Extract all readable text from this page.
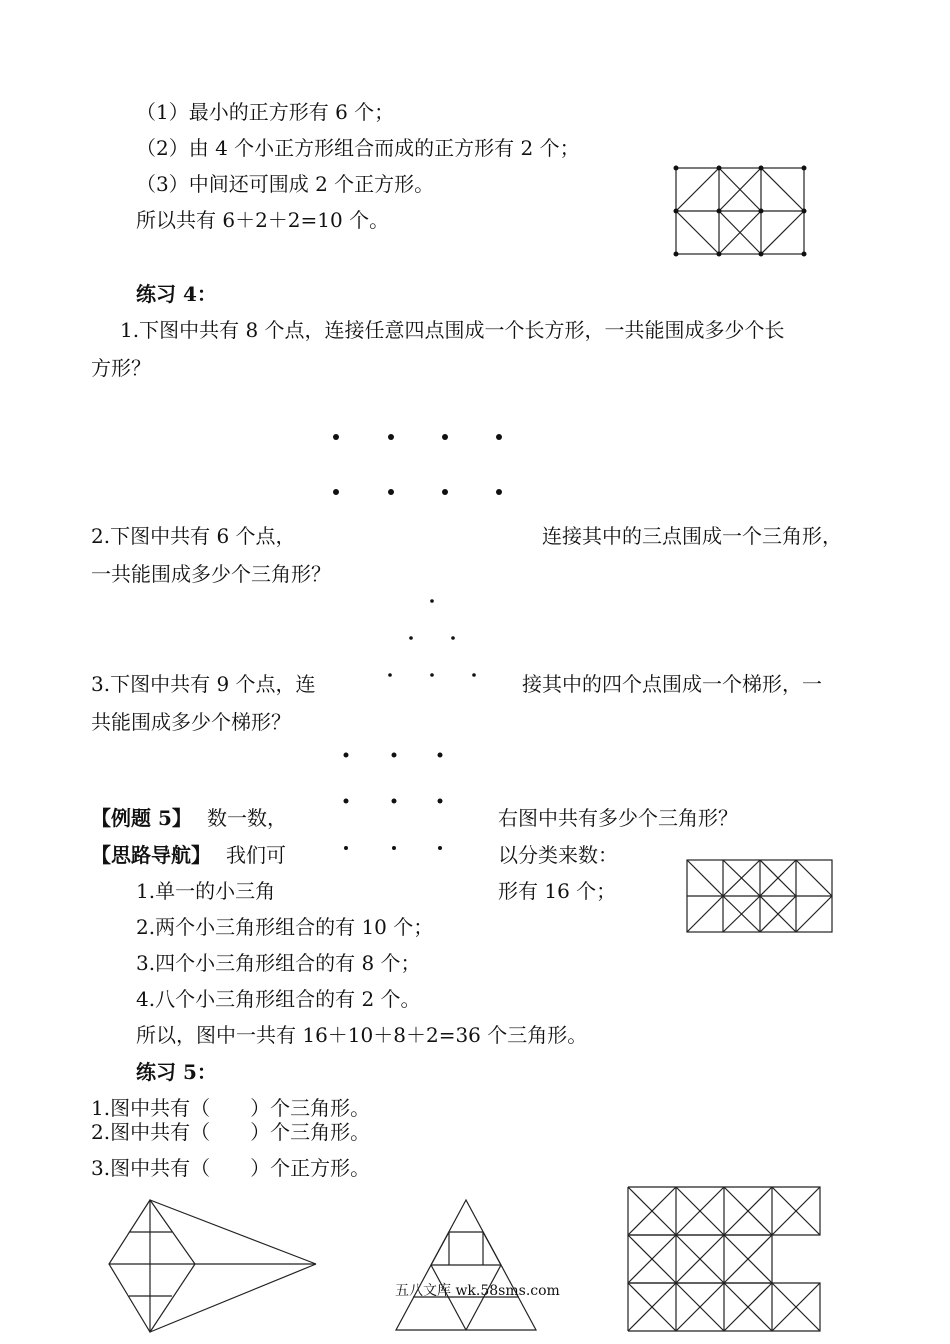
（1）最小的正方形有 6 个；
（2）由 4 个小正方形组合而成的正方形有 2 个；
（3）中间还可围成 2 个正方形。
所以共有 6＋2＋2=10 个。
练习 4：
1.下图中共有 8 个点，连接任意四点围成一个长方形，一共能围成多少个长
方形？
2.下图中共有 6 个点，	连接其中的三点围成一个三角形，
一共能围成多少个三角形？
3.下图中共有 9 个点，连	接其中的四个点围成一个梯形，一
共能围成多少个梯形？
【例题 5】 数一数，	右图中共有多少个三角形？
【思路导航】 我们可	以分类来数：
1.单一的小三角	形有 16 个；
2.两个小三角形组合的有 10 个；
3.四个小三角形组合的有 8 个；
4.八个小三角形组合的有 2 个。
所以，图中一共有 16＋10＋8＋2=36 个三角形。
练习 5：
1.图中共有（　　）个三角形。
2.图中共有（　　）个三角形。
3.图中共有（　　）个正方形。
五八文库 wk.58sms.com
